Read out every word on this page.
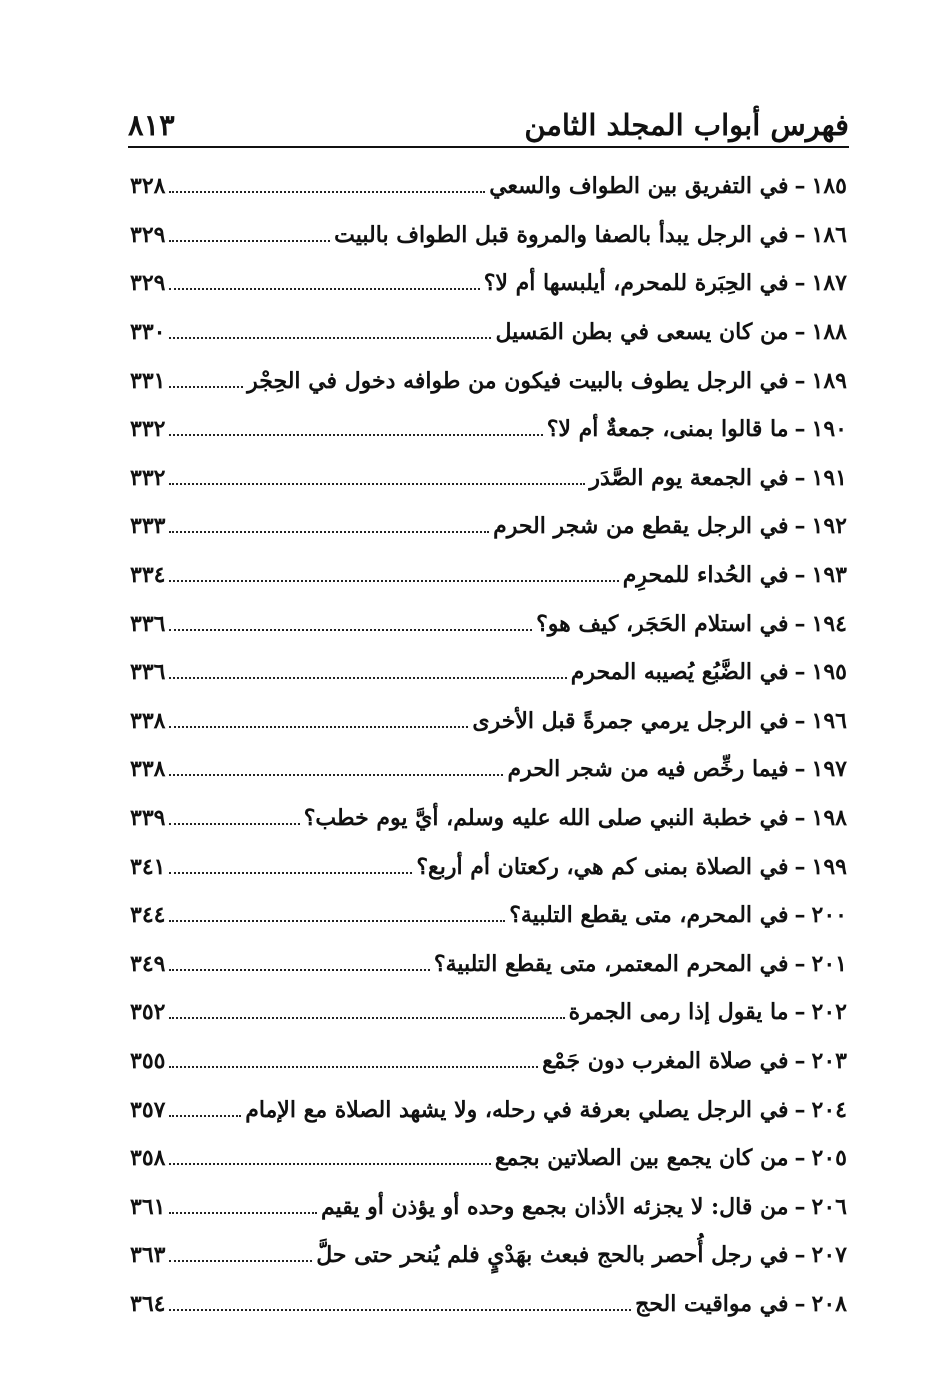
فهرس أبواب المجلد الثامن
٨١٣
١٨٥
–
في التفريق بين الطواف والسعي
٣٢٨
١٨٦
–
في الرجل يبدأ بالصفا والمروة قبل الطواف بالبيت
٣٢٩
١٨٧
–
في الحِبَرة للمحرم، أيلبسها أم لا؟
٣٢٩
١٨٨
–
من كان يسعى في بطن المَسيل
٣٣٠
١٨٩
–
في الرجل يطوف بالبيت فيكون من طوافه دخول في الحِجْر
٣٣١
١٩٠
–
ما قالوا بمنى، جمعةٌ أم لا؟
٣٣٢
١٩١
–
في الجمعة يوم الصَّدَر
٣٣٢
١٩٢
–
في الرجل يقطع من شجر الحرم
٣٣٣
١٩٣
–
في الحُداء للمحرِم
٣٣٤
١٩٤
–
في استلام الحَجَر، كيف هو؟
٣٣٦
١٩٥
–
في الضَّبُع يُصيبه المحرم
٣٣٦
١٩٦
–
في الرجل يرمي جمرةً قبل الأخرى
٣٣٨
١٩٧
–
فيما رخِّص فيه من شجر الحرم
٣٣٨
١٩٨
–
في خطبة النبي صلى الله عليه وسلم، أيَّ يوم خطب؟
٣٣٩
١٩٩
–
في الصلاة بمنى كم هي، ركعتان أم أربع؟
٣٤١
٢٠٠
–
في المحرم، متى يقطع التلبية؟
٣٤٤
٢٠١
–
في المحرم المعتمر، متى يقطع التلبية؟
٣٤٩
٢٠٢
–
ما يقول إذا رمى الجمرة
٣٥٢
٢٠٣
–
في صلاة المغرب دون جَمْع
٣٥٥
٢٠٤
–
في الرجل يصلي بعرفة في رحله، ولا يشهد الصلاة مع الإمام
٣٥٧
٢٠٥
–
من كان يجمع بين الصلاتين بجمع
٣٥٨
٢٠٦
–
من قال: لا يجزئه الأذان بجمع وحده أو يؤذن أو يقيم
٣٦١
٢٠٧
–
في رجل أُحصر بالحج فبعث بهَدْيٍ فلم يُنحر حتى حلَّ
٣٦٣
٢٠٨
–
في مواقيت الحج
٣٦٤
